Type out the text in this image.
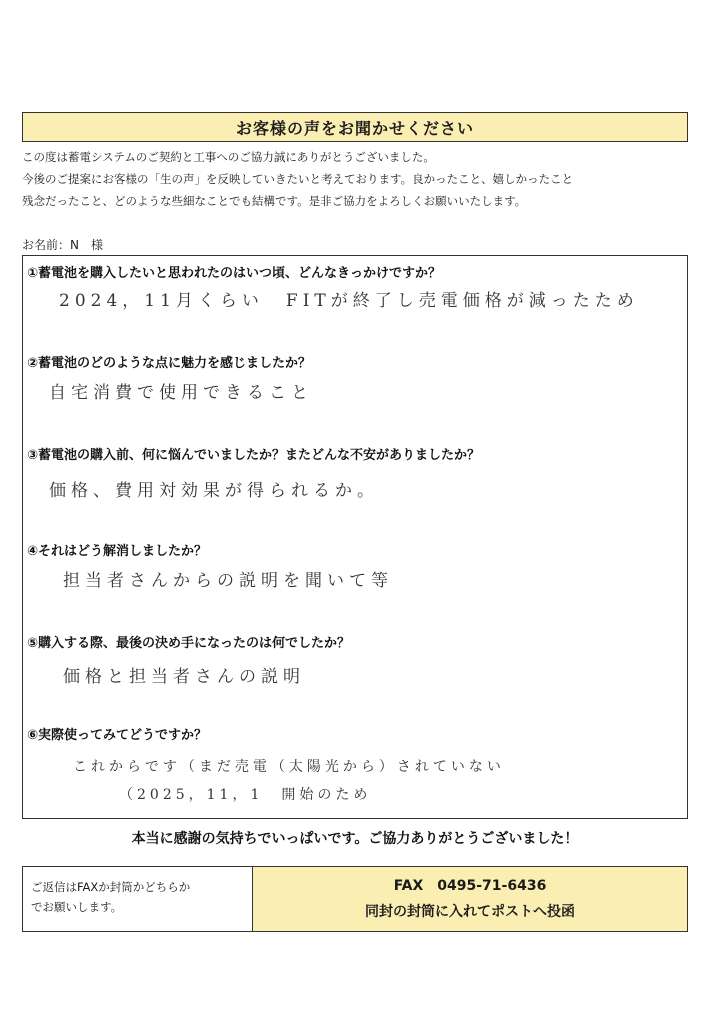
お客様の声をお聞かせください
この度は蓄電システムのご契約と工事へのご協力誠にありがとうございました。
今後のご提案にお客様の「生の声」を反映していきたいと考えております。良かったこと、嬉しかったこと
残念だったこと、どのような些細なことでも結構です。是非ご協力をよろしくお願いいたします。
お名前：N　様
①蓄電池を購入したいと思われたのはいつ頃、どんなきっかけですか？
2024，11月くらい　FITが終了し売電価格が減ったため
②蓄電池のどのような点に魅力を感じましたか？
自宅消費で使用できること
③蓄電池の購入前、何に悩んでいましたか？またどんな不安がありましたか？
価格、費用対効果が得られるか。
④それはどう解消しましたか？
担当者さんからの説明を聞いて等
⑤購入する際、最後の決め手になったのは何でしたか？
価格と担当者さんの説明
⑥実際使ってみてどうですか？
これからです（まだ売電（太陽光から）されていない
（2025，11，1　開始のため
本当に感謝の気持ちでいっぱいです。ご協力ありがとうございました！
ご返信はFAXか封筒かどちらか
でお願いします。
FAX　0495-71-6436
同封の封筒に入れてポストへ投函
